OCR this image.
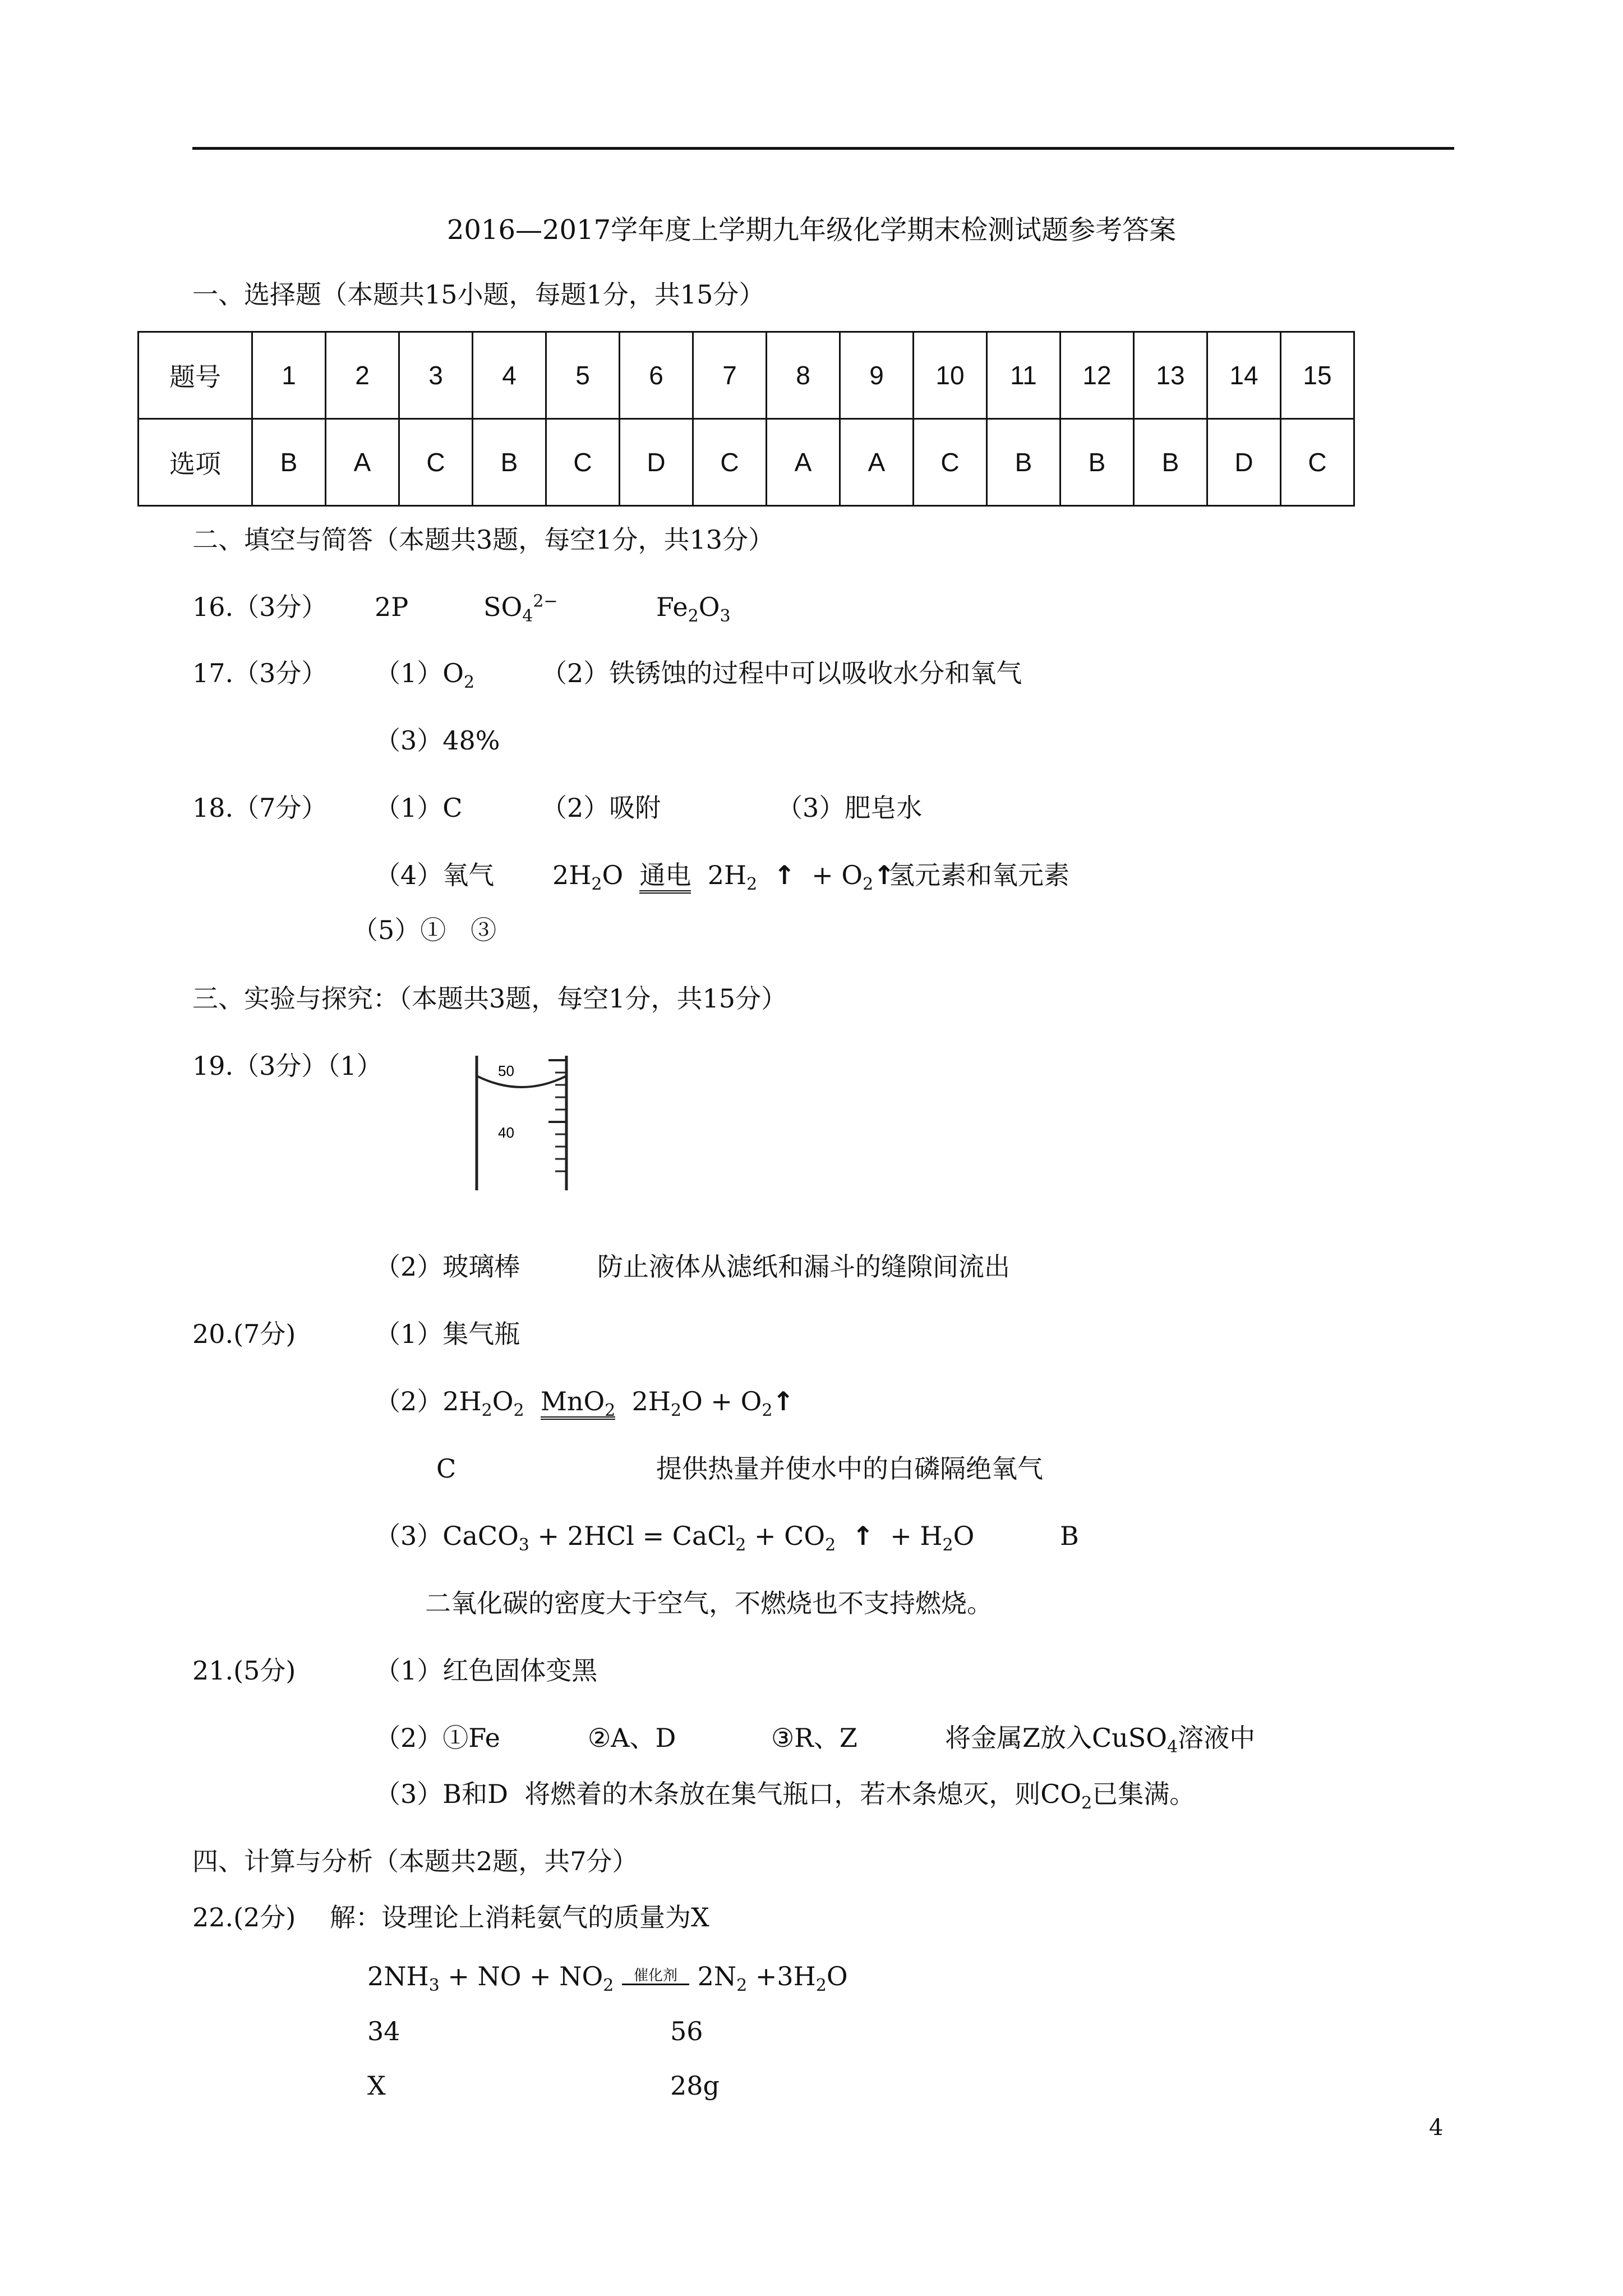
2016—2017学年度上学期九年级化学期末检测试题参考答案
一、选择题（本题共15小题，每题1分，共15分）
题号	1	2	3	4	5	6	7	8	9	10	11	12	13	14	15
选项	B	A	C	B	C	D	C	A	A	C	B	B	B	D	C
二、填空与简答（本题共3题，每空1分，共13分）
16.（3分） 2P	$SO_4^{2-}$	$Fe_2O_3$
17.（3分） $(1)O_2$	（2）铁锈蚀的过程中可以吸收水分和氧气
（3）48%
18.（7分） （1）C	（2）吸附	（3）肥皂水
（4）氧气 $2H_2O$ 通电 $2H_2$ ↑ + $O_2↑$
氢元素和氧元素
（5）①   ③
三、实验与探究：（本题共3题，每空1分，共15分）
19.（3分）（1）	50
40
（2）玻璃棒	防止液体从滤纸和漏斗的缝隙间流出
20.(7分)	（1）集气瓶
$(2)2H_2O_2$ MnO$_2$ $2H_2O$ + $O_2↑$
C	提供热量并使水中的白磷隔绝氧气
（3）CaCO$_3$ + 2HCl = CaCl$_2$ + $CO_2$ ↑  + $H_2O$	B
二氧化碳的密度大于空气，不燃烧也不支持燃烧。
21.(5分)	（1）红色固体变黑
（2）①Fe	②A、D	③R、Z	将金属Z放入CuSO$_4$溶液中
（3）B和D  将燃着的木条放在集气瓶口，若木条熄灭，则$CO_2$已集满。
四、计算与分析（本题共2题，共7分）
22.(2分) 解：设理论上消耗氨气的质量为X
$2NH_3$ + NO + $NO_2$
催化剂 $2N_2 +3H_2O$
34	56
X	28g
4
